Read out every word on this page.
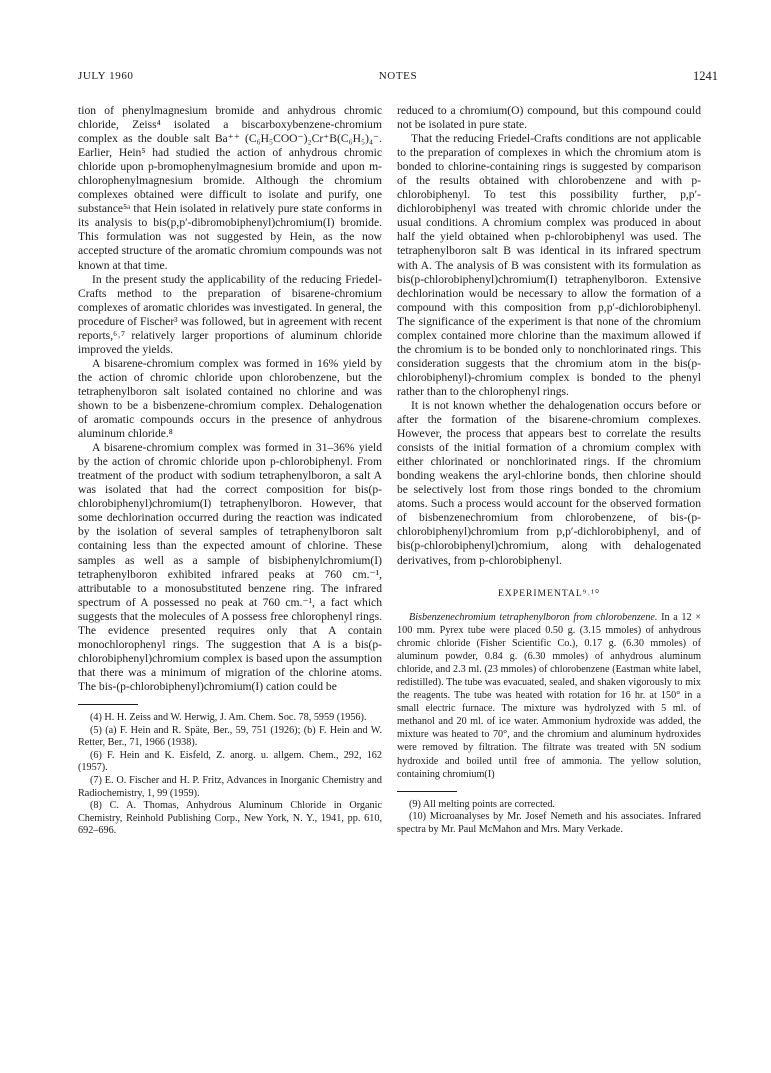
JULY 1960	NOTES	1241

tion of phenylmagnesium bromide and anhydrous chromic chloride, Zeiss⁴ isolated a biscarboxybenzene-chromium complex as the double salt Ba⁺⁺ (C₆H₅COO⁻)₂Cr⁺B(C₆H₅)₄⁻. Earlier, Hein⁵ had studied the action of anhydrous chromic chloride upon p-bromophenylmagnesium bromide and upon m-chlorophenylmagnesium bromide. Although the chromium complexes obtained were difficult to isolate and purify, one substance⁵ᵃ that Hein isolated in relatively pure state conforms in its analysis to bis(p,p′-dibromobiphenyl)chromium(I) bromide. This formulation was not suggested by Hein, as the now accepted structure of the aromatic chromium compounds was not known at that time.

In the present study the applicability of the reducing Friedel-Crafts method to the preparation of bisarene-chromium complexes of aromatic chlorides was investigated. In general, the procedure of Fischer³ was followed, but in agreement with recent reports,⁶˒⁷ relatively larger proportions of aluminum chloride improved the yields.

A bisarene-chromium complex was formed in 16% yield by the action of chromic chloride upon chlorobenzene, but the tetraphenylboron salt isolated contained no chlorine and was shown to be a bisbenzene-chromium complex. Dehalogenation of aromatic compounds occurs in the presence of anhydrous aluminum chloride.⁸

A bisarene-chromium complex was formed in 31–36% yield by the action of chromic chloride upon p-chlorobiphenyl. From treatment of the product with sodium tetraphenylboron, a salt A was isolated that had the correct composition for bis(p-chlorobiphenyl)chromium(I) tetraphenylboron. However, that some dechlorination occurred during the reaction was indicated by the isolation of several samples of tetraphenylboron salt containing less than the expected amount of chlorine. These samples as well as a sample of bisbiphenylchromium(I) tetraphenylboron exhibited infrared peaks at 760 cm.⁻¹, attributable to a monosubstituted benzene ring. The infrared spectrum of A possessed no peak at 760 cm.⁻¹, a fact which suggests that the molecules of A possess free chlorophenyl rings. The evidence presented requires only that A contain monochlorophenyl rings. The suggestion that A is a bis(p-chlorobiphenyl)chromium complex is based upon the assumption that there was a minimum of migration of the chlorine atoms. The bis-(p-chlorobiphenyl)chromium(I) cation could be

(4) H. H. Zeiss and W. Herwig, J. Am. Chem. Soc. 78, 5959 (1956).

(5) (a) F. Hein and R. Späte, Ber., 59, 751 (1926); (b) F. Hein and W. Retter, Ber., 71, 1966 (1938).

(6) F. Hein and K. Eisfeld, Z. anorg. u. allgem. Chem., 292, 162 (1957).

(7) E. O. Fischer and H. P. Fritz, Advances in Inorganic Chemistry and Radiochemistry, 1, 99 (1959).

(8) C. A. Thomas, Anhydrous Aluminum Chloride in Organic Chemistry, Reinhold Publishing Corp., New York, N. Y., 1941, pp. 610, 692–696.

reduced to a chromium(O) compound, but this compound could not be isolated in pure state.

That the reducing Friedel-Crafts conditions are not applicable to the preparation of complexes in which the chromium atom is bonded to chlorine-containing rings is suggested by comparison of the results obtained with chlorobenzene and with p-chlorobiphenyl. To test this possibility further, p,p′-dichlorobiphenyl was treated with chromic chloride under the usual conditions. A chromium complex was produced in about half the yield obtained when p-chlorobiphenyl was used. The tetraphenylboron salt B was identical in its infrared spectrum with A. The analysis of B was consistent with its formulation as bis(p-chlorobiphenyl)chromium(I) tetraphenylboron. Extensive dechlorination would be necessary to allow the formation of a compound with this composition from p,p′-dichlorobiphenyl. The significance of the experiment is that none of the chromium complex contained more chlorine than the maximum allowed if the chromium is to be bonded only to nonchlorinated rings. This consideration suggests that the chromium atom in the bis(p-chlorobiphenyl)-chromium complex is bonded to the phenyl rather than to the chlorophenyl rings.

It is not known whether the dehalogenation occurs before or after the formation of the bisarene-chromium complexes. However, the process that appears best to correlate the results consists of the initial formation of a chromium complex with either chlorinated or nonchlorinated rings. If the chromium bonding weakens the aryl-chlorine bonds, then chlorine should be selectively lost from those rings bonded to the chromium atoms. Such a process would account for the observed formation of bisbenzenechromium from chlorobenzene, of bis-(p-chlorobiphenyl)chromium from p,p′-dichlorobiphenyl, and of bis(p-chlorobiphenyl)chromium, along with dehalogenated derivatives, from p-chlorobiphenyl.

EXPERIMENTAL⁹˒¹⁰

Bisbenzenechromium tetraphenylboron from chlorobenzene. In a 12 × 100 mm. Pyrex tube were placed 0.50 g. (3.15 mmoles) of anhydrous chromic chloride (Fisher Scientific Co.), 0.17 g. (6.30 mmoles) of aluminum powder, 0.84 g. (6.30 mmoles) of anhydrous aluminum chloride, and 2.3 ml. (23 mmoles) of chlorobenzene (Eastman white label, redistilled). The tube was evacuated, sealed, and shaken vigorously to mix the reagents. The tube was heated with rotation for 16 hr. at 150° in a small electric furnace. The mixture was hydrolyzed with 5 ml. of methanol and 20 ml. of ice water. Ammonium hydroxide was added, the mixture was heated to 70°, and the chromium and aluminum hydroxides were removed by filtration. The filtrate was treated with 5N sodium hydroxide and boiled until free of ammonia. The yellow solution, containing chromium(I)

(9) All melting points are corrected.

(10) Microanalyses by Mr. Josef Nemeth and his associates. Infrared spectra by Mr. Paul McMahon and Mrs. Mary Verkade.
